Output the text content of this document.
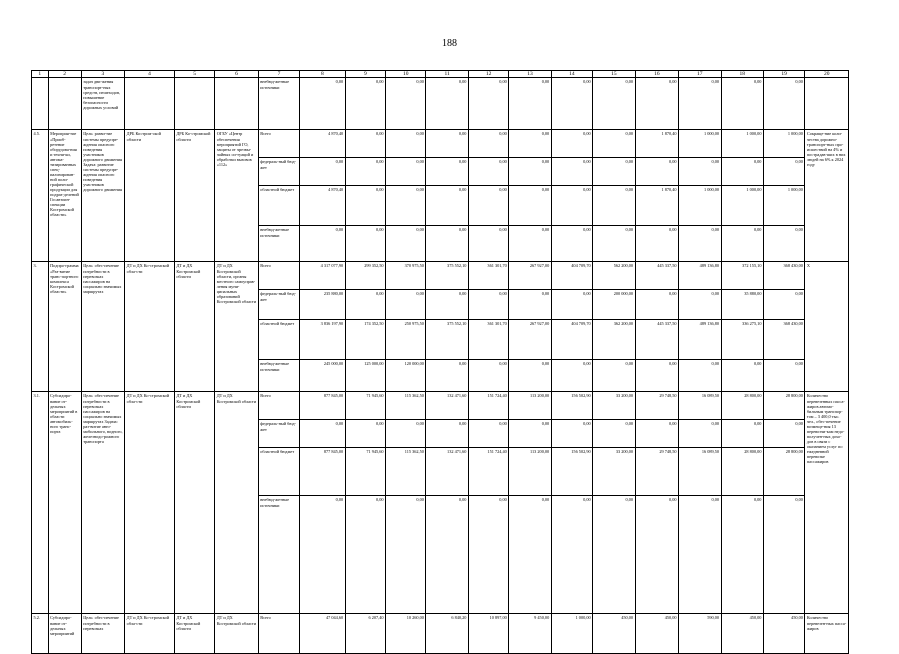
188
1	2	3	4	5	6	7	8	9	10	11	12	13	14	15	16	17	18	19	20
		задач дви-жения транспорт-ных средств, пешеходов, повышение безопасности дорожных условий				внебюд-жетные источники	0,00	0,00	0,00	0,00	0,00	0,00	0,00	0,00	0,00	0,00	0,00	0,00	
4.5.	Мероприя-тие «Приоб-ретение оборудова-ния и техни-ки, автома-тизированных спец-иализирован-ной поли-графической продукции для подраз-делений Госавтоин-спекции Костромской области»	Цель: разви-тие системы предупре-ждения опасного поведения участников дорожного движения Задача: развитие системы предупре-ждения опасного поведения участников дорожного движения	ДРБ Костром-ской области	ДРБ Ко-стромской области	ОГБУ «Центр обеспечения мероприятий ГО, защиты от чрезвы-чайных си-туаций и обработки вызовов «112»	Всего	4 870,40	0,00	0,00	0,00	0,00	0,00	0,00	0,00	1 870,40	1 000,00	1 000,00	1 000,00	Сокраще-ние коли-чества дорожно-транспорт-ных про-исшествий на 4% и пострадав-ших в них людей на 6% к 2024 году
						федераль-ный бюд-жет	0,00	0,00	0,00	0,00	0,00	0,00	0,00	0,00	0,00	0,00	0,00	0,00	
						областной бюджет	4 870,40	0,00	0,00	0,00	0,00	0,00	0,00	0,00	1 870,40	1 000,00	1 000,00	1 000,00	
						внебюд-жетные источники	0,00	0,00	0,00	0,00	0,00	0,00	0,00	0,00	0,00	0,00	0,00	0,00	
3.	Подпро-грамма «Раз-витие транс-портного комплекса Костромской области»	Цель: обес-печение потребности в перевозках пассажиров на социально значимых маршрутах	ДТ и ДХ Ко-стромской обла-сти	ДТ и ДХ Костромской области	ДТ и ДХ Костромской области, органы местного самоуправ-ления муни-ципальных образований Костромской области	Всего	4 317 077,90	299 352,50	370 975,50	375 552,10	361 301,70	267 927,00	404 709,70	562 200,00	445 337,50	489 136,80	372 155,10	368 430,00	Х
						федераль-ный бюд-жет	235 880,00	0,00	0,00	0,00	0,00	0,00	0,00	200 000,00	0,00	0,00	35 880,00	0,00	
						областной бюджет	3 836 197,90	174 352,50	250 975,50	375 552,10	361 301,70	267 927,00	404 709,70	362 200,00	445 337,50	489 136,80	336 275,10	368 430,00	
						внебюд-жетные источники	245 000,00	125 000,00	120 000,00	0,00	0,00	0,00	0,00	0,00	0,00	0,00	0,00	0,00	
3.1.	Субсидиро-вание от-дельных мероприятий в области автомобиль-ного транс-порта	Цель: обес-печение потребности в перевозках пассажиров на социально значимых маршрутах Задача: раз-витие авто-мобильного, водного, железнодо-рожного транспорта	ДТ и ДХ Ко-стромской обла-сти	ДТ и ДХ Костромской области	ДТ и ДХ Костромской области	Всего	877 845,00	71 945,60	115 362,50	132 471,60	151 724,40	113 200,00	156 502,90	33 200,00	29 748,50	16 089,50	28 800,00	28 800,00	Количество перевезенных пасса-жиров автомо-бильным транспор-том – 3 400,0 тыс. чел., обес-печение возмеще-ния 13 перевозчи-кам недо-получен-ных дохо-дов в связи с оказанием услуг по ежедневной перевозке пассажиров
						федераль-ный бюд-жет	0,00	0,00	0,00	0,00	0,00	0,00	0,00	0,00	0,00	0,00	0,00	0,00	
						областной бюджет	877 845,00	71 945,60	115 362,50	132 471,60	151 724,40	113 200,00	156 502,90	33 200,00	29 748,50	16 089,50	28 800,00	28 800,00	
						внебюд-жетные источники	0,00	0,00	0,00	0,00	0,00	0,00	0,00	0,00	0,00	0,00	0,00	0,00	
5.2.	Субсидиро-вание от-дельных мероприятий	Цель: обес-печение потребности в перевозках	ДТ и ДХ Ко-стромской обла-сти	ДТ и ДХ Костромской области	ДТ и ДХ Костромской области	Всего	47 044,60	6 207,40	10 260,00	6 840,20	10 897,00	9 450,00	1 000,00	450,00	450,00	590,00	450,00	450,00	Количество перевезен-ных пасса-жиров
